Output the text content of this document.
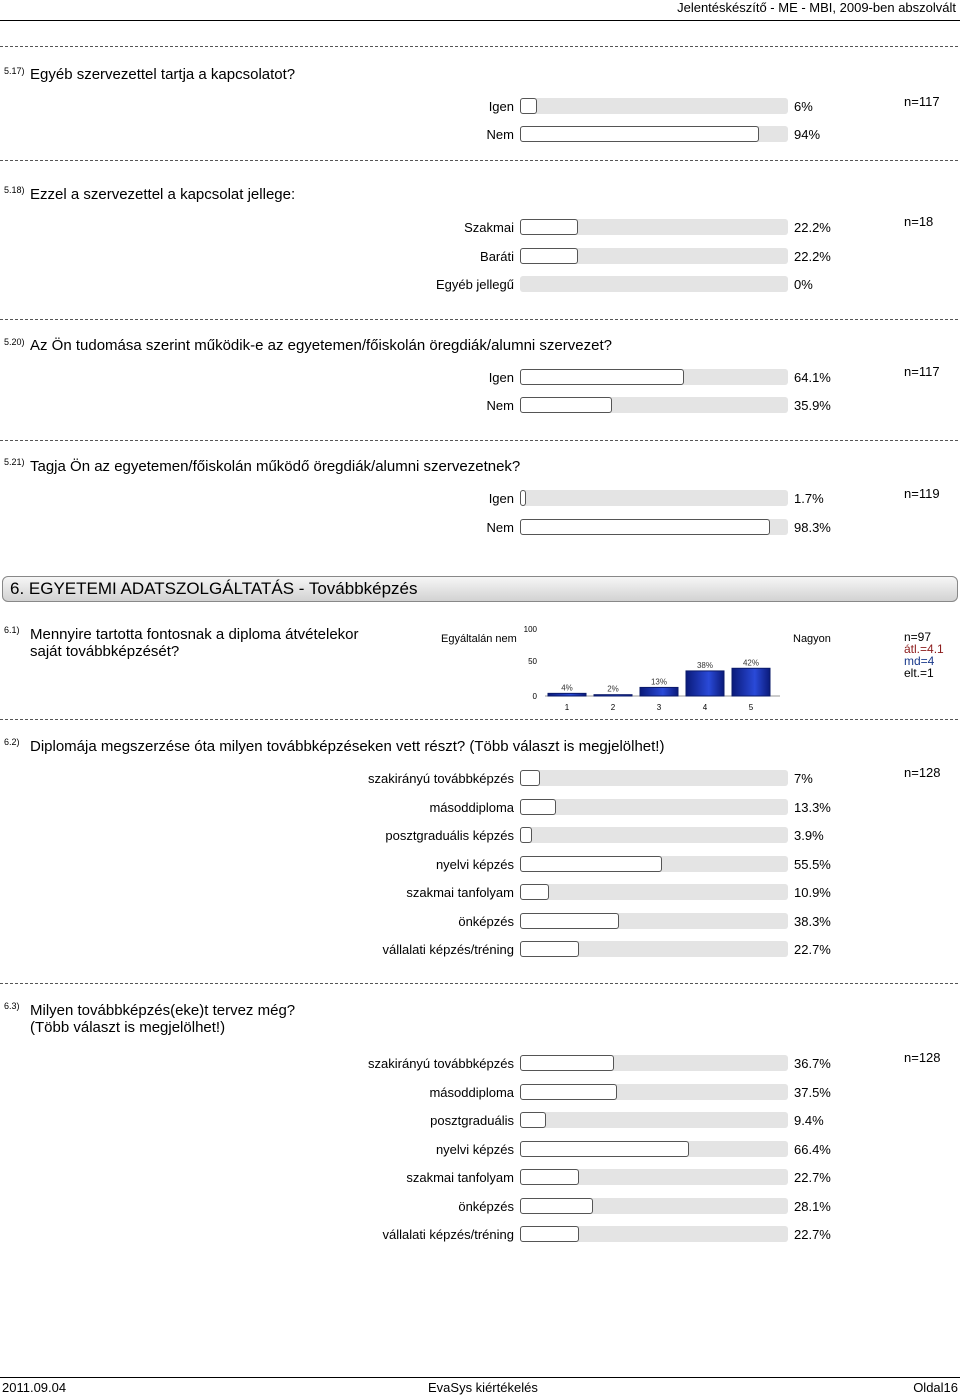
Jelentéskészítő - ME - MBI, 2009-ben abszolvált
5.17) Egyéb szervezettel tartja a kapcsolatot?
n=117
Igen	6%
Nem	94%
5.18) Ezzel a szervezettel a kapcsolat jellege:
n=18
Szakmai	22.2%
Baráti	22.2%
Egyéb jellegű	0%
5.20) Az Ön tudomása szerint működik-e az egyetemen/főiskolán öregdiák/alumni szervezet?
n=117
Igen	64.1%
Nem	35.9%
5.21) Tagja Ön az egyetemen/főiskolán működő öregdiák/alumni szervezetnek?
n=119
Igen	1.7%
Nem	98.3%
6. EGYETEMI ADATSZOLGÁLTATÁS - Továbbképzés
6.1) Mennyire tartotta fontosnak a diploma átvételekor
saját továbbképzését?
Egyáltalán nem	Nagyon	n=97
átl.=4.1
md=4
elt.=1
100
50
0
4%
1
2%
2
13%
3
38%
4
42%
5
6.2) Diplomája megszerzése óta milyen továbbképzéseken vett részt? (Több választ is megjelölhet!)
n=128
szakirányú továbbképzés	7%
másoddiploma	13.3%
posztgraduális képzés	3.9%
nyelvi képzés	55.5%
szakmai tanfolyam	10.9%
önképzés	38.3%
vállalati képzés/tréning	22.7%
6.3) Milyen továbbképzés(eke)t tervez még?
(Több választ is megjelölhet!)
n=128
szakirányú továbbképzés	36.7%
másoddiploma	37.5%
posztgraduális	9.4%
nyelvi képzés	66.4%
szakmai tanfolyam	22.7%
önképzés	28.1%
vállalati képzés/tréning	22.7%
2011.09.04	EvaSys kiértékelés	Oldal16
